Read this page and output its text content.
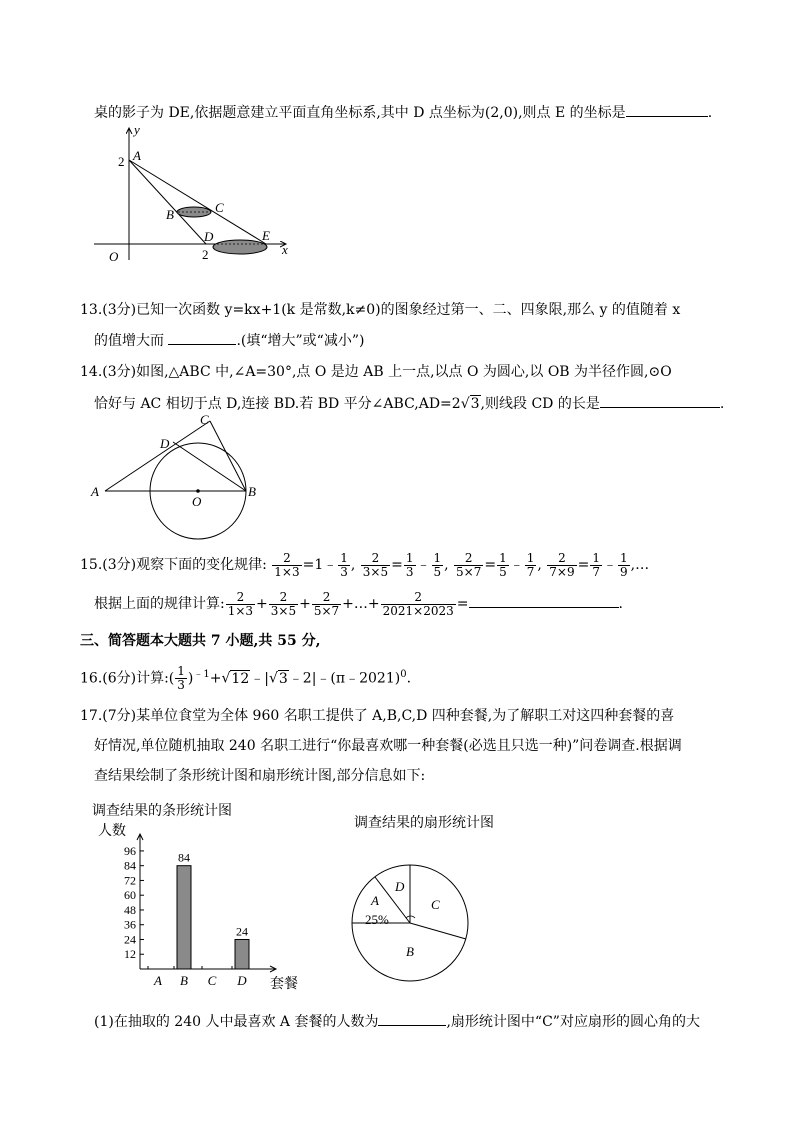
桌的影子为 DE,依据题意建立平面直角坐标系,其中 D 点坐标为(2,0),则点 E 的坐标是	.
y
x
2 A
B	C
D	E
O	2
13.(3分)已知一次函数 y=kx+1(k 是常数,k≠0)的图象经过第一、二、四象限,那么 y 的值随着 x
的值增大而	.(填“增大”或“减小”)
14.(3分)如图,△ABC 中,∠A=30°,点 O 是边 AB 上一点,以点 O 为圆心,以 OB 为半径作圆,⊙O
恰好与 AC 相切于点 D,连接 BD.若 BD 平分∠ABC,AD=2√3,则线段 CD 的长是	.
A	B
C
D
O
15.(3分)观察下面的变化规律: $\frac{2}{1\times 3}$ =1﹣ $\frac{1}{3}$ , $\frac{2}{3\times 5} = \frac{1}{3}$ ﹣ $\frac{1}{5}$ , $\frac{2}{5\times 7} = \frac{1}{5}$ ﹣ $\frac{1}{7}$ , $\frac{2}{7\times 9} = \frac{1}{7}$ ﹣ $\frac{1}{9}$ ,…
根据上面的规律计算: $\frac{2}{1\times 3} + \frac{2}{3\times 5} + \frac{2}{5\times 7}$ +…+ $\frac{2}{2021\times 2023}$ =	.
三、简答题本大题共 7 小题,共 55 分,
16.(6分)计算:( $\frac{1}{3}$ )$^{﹣1}$+√12﹣|√3﹣2|﹣(π﹣2021)$^0$.
17.(7分)某单位食堂为全体 960 名职工提供了 A,B,C,D 四种套餐,为了解职工对这四种套餐的喜
好情况,单位随机抽取 240 名职工进行“你最喜欢哪一种套餐(必选且只选一种)”问卷调查.根据调
查结果绘制了条形统计图和扇形统计图,部分信息如下:
调查结果的条形统计图
人数
套餐
12
24
36
48
60
72
84
96
A B
84
C D
24
调查结果的扇形统计图
D
C
A
25%
B
(1)在抽取的 240 人中最喜欢 A 套餐的人数为	,扇形统计图中“C”对应扇形的圆心角的大
